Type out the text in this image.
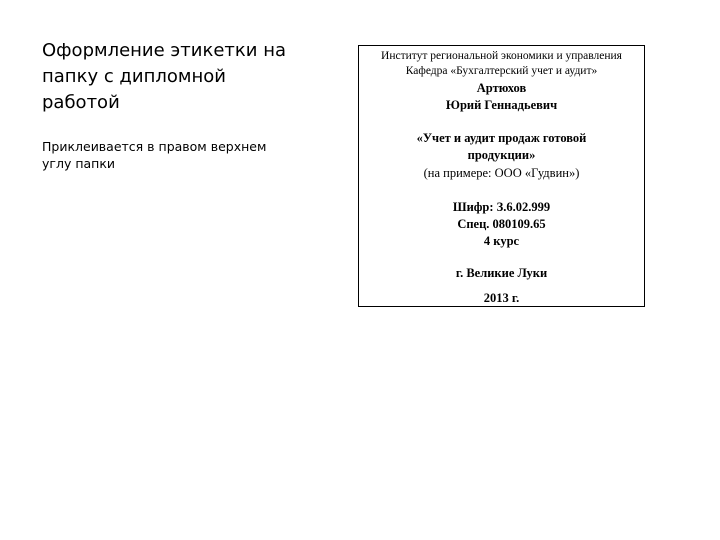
Оформление этикетки на папку с дипломной работой
Приклеивается в правом верхнем углу папки
Институт региональной экономики и управления
Кафедра «Бухгалтерский учет и аудит»
Артюхов
Юрий Геннадьевич
«Учет и аудит продаж готовой продукции»
(на примере: ООО «Гудвин»)
Шифр: З.6.02.999
Спец. 080109.65
4 курс
г. Великие Луки
2013 г.
